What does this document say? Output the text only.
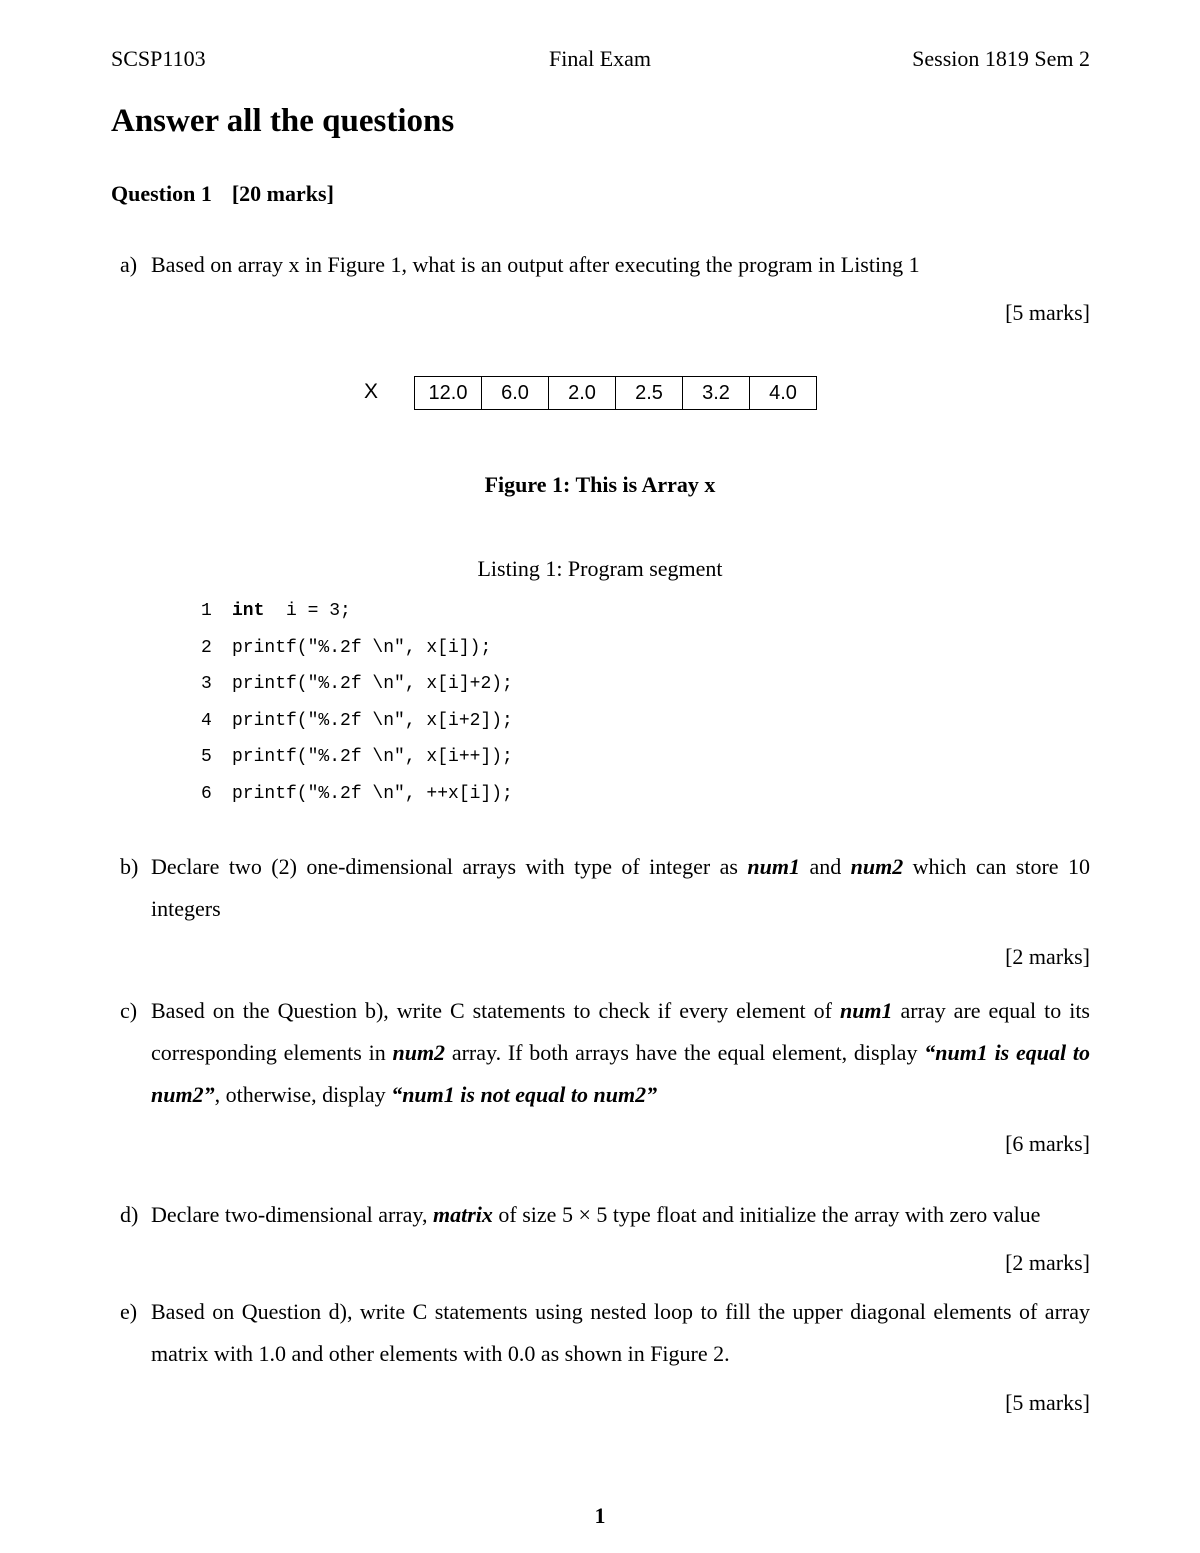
SCSP1103	Final Exam	Session 1819 Sem 2
Answer all the questions
Question 1 [20 marks]
a) Based on array x in Figure 1, what is an output after executing the program in Listing 1
[5 marks]
X	12.0	6.0	2.0	2.5	3.2	4.0
Figure 1: This is Array x
Listing 1: Program segment
1 int  i = 3;
2 printf("%.2f \n", x[i]);
3 printf("%.2f \n", x[i]+2);
4 printf("%.2f \n", x[i+2]);
5 printf("%.2f \n", x[i++]);
6 printf("%.2f \n", ++x[i]);
b) Declare two (2) one-dimensional arrays with type of integer as num1 and num2 which can store 10 integers
[2 marks]
c) Based on the Question b), write C statements to check if every element of num1 array are equal to its corresponding elements in num2 array. If both arrays have the equal element, display “num1 is equal to num2”, otherwise, display “num1 is not equal to num2”
[6 marks]
d) Declare two-dimensional array, matrix of size 5 × 5 type float and initialize the array with zero value
[2 marks]
e) Based on Question d), write C statements using nested loop to fill the upper diagonal elements of array matrix with 1.0 and other elements with 0.0 as shown in Figure 2.
[5 marks]
1
